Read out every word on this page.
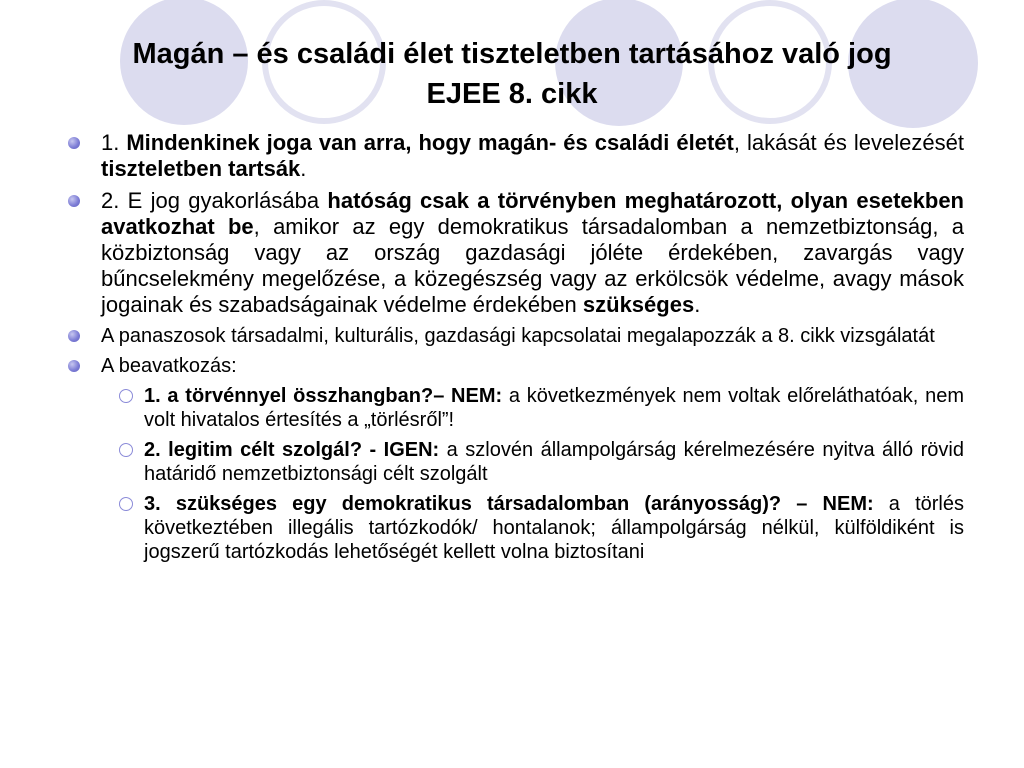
Magán – és családi élet tiszteletben tartásához való jog
EJEE 8. cikk
1. Mindenkinek joga van arra, hogy magán- és családi életét, lakását és levelezését tiszteletben tartsák.
2. E jog gyakorlásába hatóság csak a törvényben meghatározott, olyan esetekben avatkozhat be, amikor az egy demokratikus társadalomban a nemzetbiztonság, a közbiztonság vagy az ország gazdasági jóléte érdekében, zavargás vagy bűncselekmény megelőzése, a közegészség vagy az erkölcsök védelme, avagy mások jogainak és szabadságainak védelme érdekében szükséges.
A panaszosok társadalmi, kulturális, gazdasági kapcsolatai megalapozzák a 8. cikk vizsgálatát
A beavatkozás:
1. a törvénnyel összhangban?– NEM: a következmények nem voltak előreláthatóak, nem volt hivatalos értesítés a „törlésről”!
2. legitim célt szolgál? - IGEN: a szlovén állampolgárság kérelmezésére nyitva álló rövid határidő nemzetbiztonsági célt szolgált
3. szükséges egy demokratikus társadalomban (arányosság)? – NEM: a törlés következtében illegális tartózkodók/ hontalanok; állampolgárság nélkül, külföldiként is jogszerű tartózkodás lehetőségét kellett volna biztosítani
